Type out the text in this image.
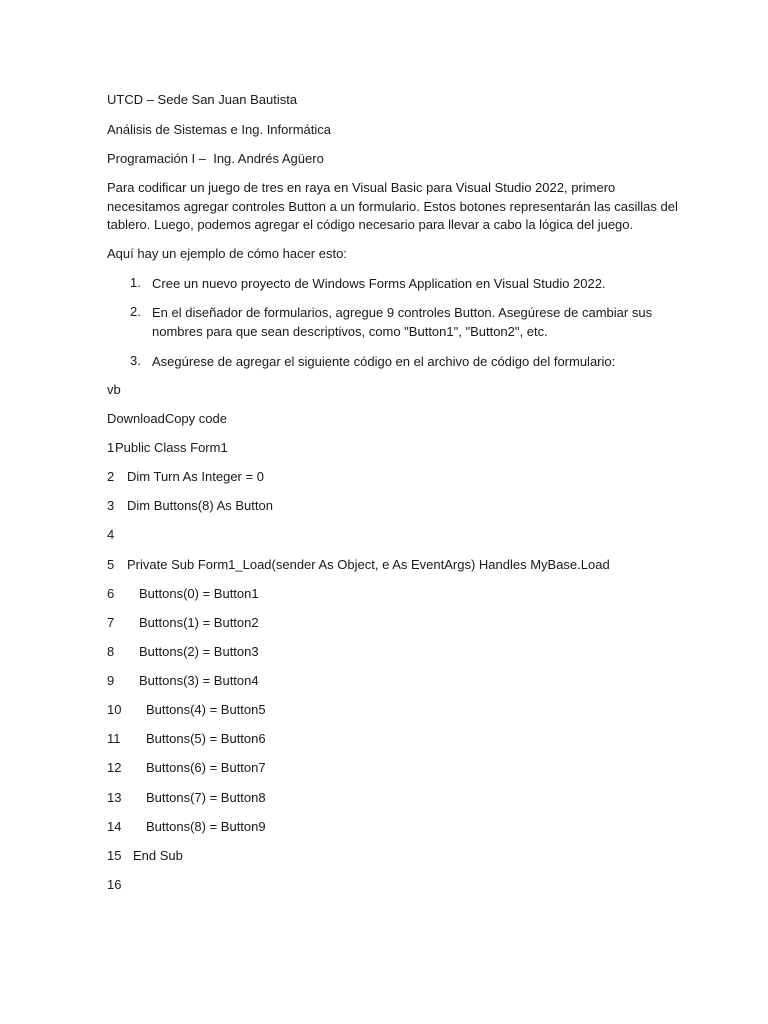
UTCD – Sede San Juan Bautista
Análisis de Sistemas e Ing. Informática
Programación I –  Ing. Andrés Agüero
Para codificar un juego de tres en raya en Visual Basic para Visual Studio 2022, primero
necesitamos agregar controles Button a un formulario. Estos botones representarán las casillas del
tablero. Luego, podemos agregar el código necesario para llevar a cabo la lógica del juego.
Aquí hay un ejemplo de cómo hacer esto:
1. Cree un nuevo proyecto de Windows Forms Application en Visual Studio 2022.
2. En el diseñador de formularios, agregue 9 controles Button. Asegúrese de cambiar sus
nombres para que sean descriptivos, como "Button1", "Button2", etc.
3. Asegúrese de agregar el siguiente código en el archivo de código del formulario:
vb
DownloadCopy code
1 Public Class Form1
2 Dim Turn As Integer = 0
3 Dim Buttons(8) As Button
4
5 Private Sub Form1_Load(sender As Object, e As EventArgs) Handles MyBase.Load
6 Buttons(0) = Button1
7 Buttons(1) = Button2
8 Buttons(2) = Button3
9 Buttons(3) = Button4
10 Buttons(4) = Button5
11 Buttons(5) = Button6
12 Buttons(6) = Button7
13 Buttons(7) = Button8
14 Buttons(8) = Button9
15 End Sub
16
